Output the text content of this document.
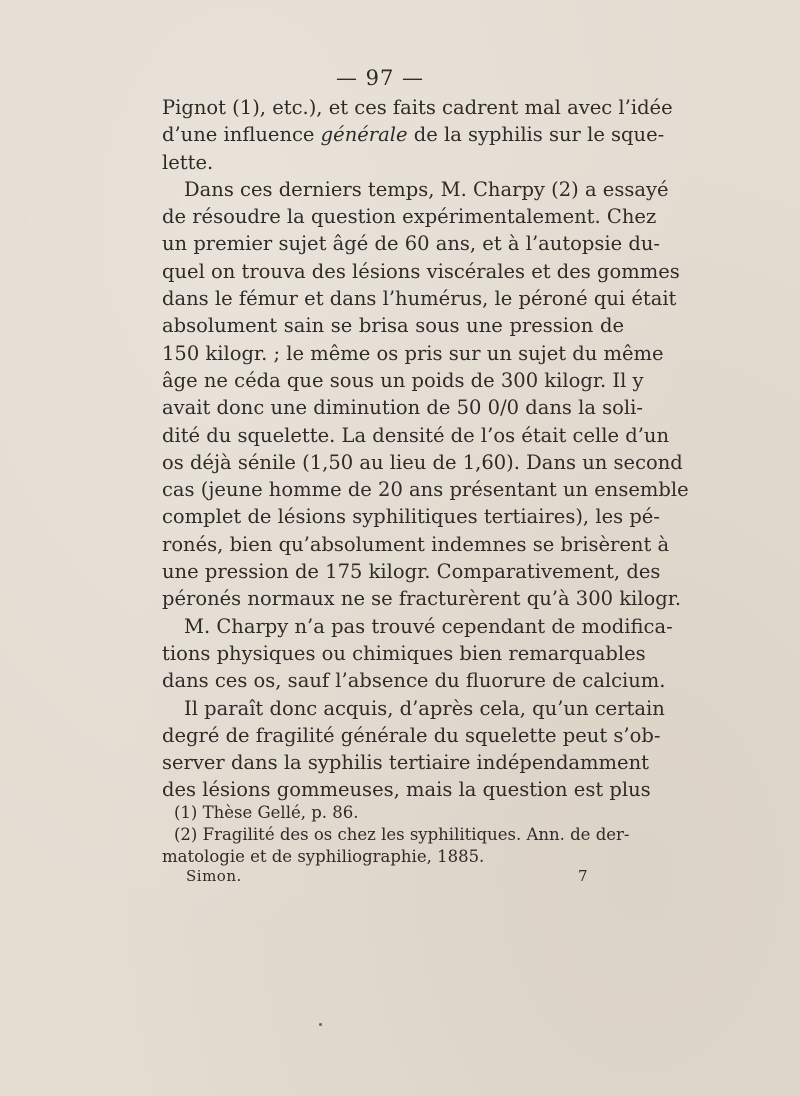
— 97 —

Pignot (1), etc.), et ces faits cadrent mal avec l’idée
d’une influence générale de la syphilis sur le sque-
lette.

Dans ces derniers temps, M. Charpy (2) a essayé
de résoudre la question expérimentalement. Chez
un premier sujet âgé de 60 ans, et à l’autopsie du-
quel on trouva des lésions viscérales et des gommes
dans le fémur et dans l’humérus, le péroné qui était
absolument sain se brisa sous une pression de
150 kilogr. ; le même os pris sur un sujet du même
âge ne céda que sous un poids de 300 kilogr. Il y
avait donc une diminution de 50 0/0 dans la soli-
dité du squelette. La densité de l’os était celle d’un
os déjà sénile (1,50 au lieu de 1,60). Dans un second
cas (jeune homme de 20 ans présentant un ensemble
complet de lésions syphilitiques tertiaires), les pé-
ronés, bien qu’absolument indemnes se brisèrent à
une pression de 175 kilogr. Comparativement, des
péronés normaux ne se fracturèrent qu’à 300 kilogr.

M. Charpy n’a pas trouvé cependant de modifica-
tions physiques ou chimiques bien remarquables
dans ces os, sauf l’absence du fluorure de calcium.

Il paraît donc acquis, d’après cela, qu’un certain
degré de fragilité générale du squelette peut s’ob-
server dans la syphilis tertiaire indépendamment
des lésions gommeuses, mais la question est plus

(1) Thèse Gellé, p. 86.
(2) Fragilité des os chez les syphilitiques. Ann. de der-
matologie et de syphiliographie, 1885.
Simon.	7
